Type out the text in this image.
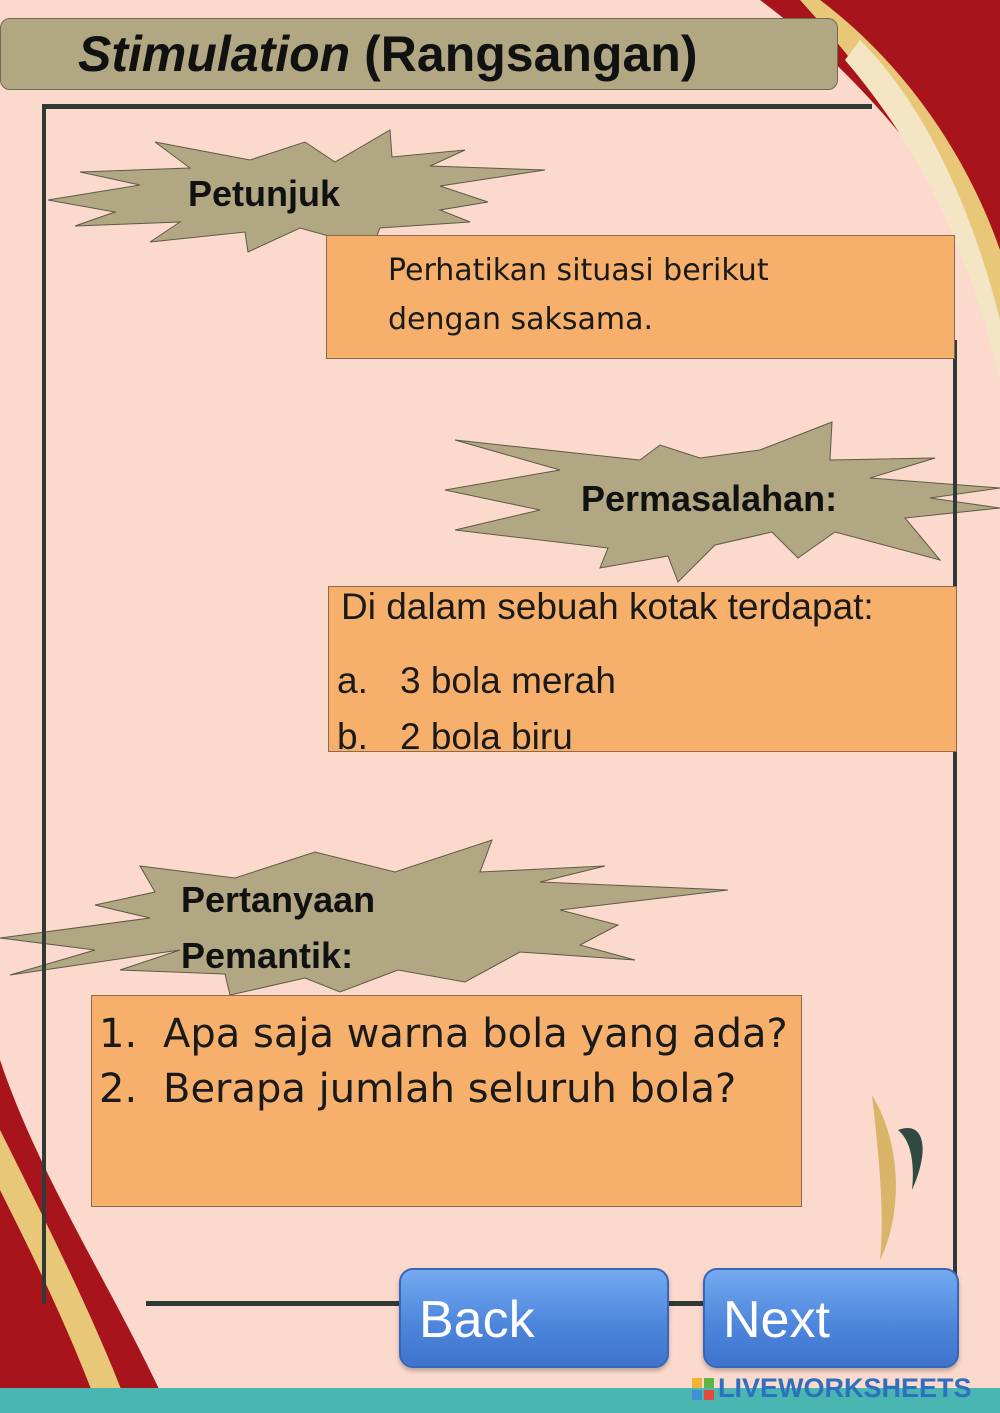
Stimulation (Rangsangan)
Petunjuk
Perhatikan situasi berikut
dengan saksama.
Permasalahan:
Di dalam sebuah kotak terdapat:
a. 3 bola merah
b. 2 bola biru
Pertanyaan
Pemantik:
1. Apa saja warna bola yang ada?
2. Berapa jumlah seluruh bola?
Back	Next
LIVEWORKSHEETS
